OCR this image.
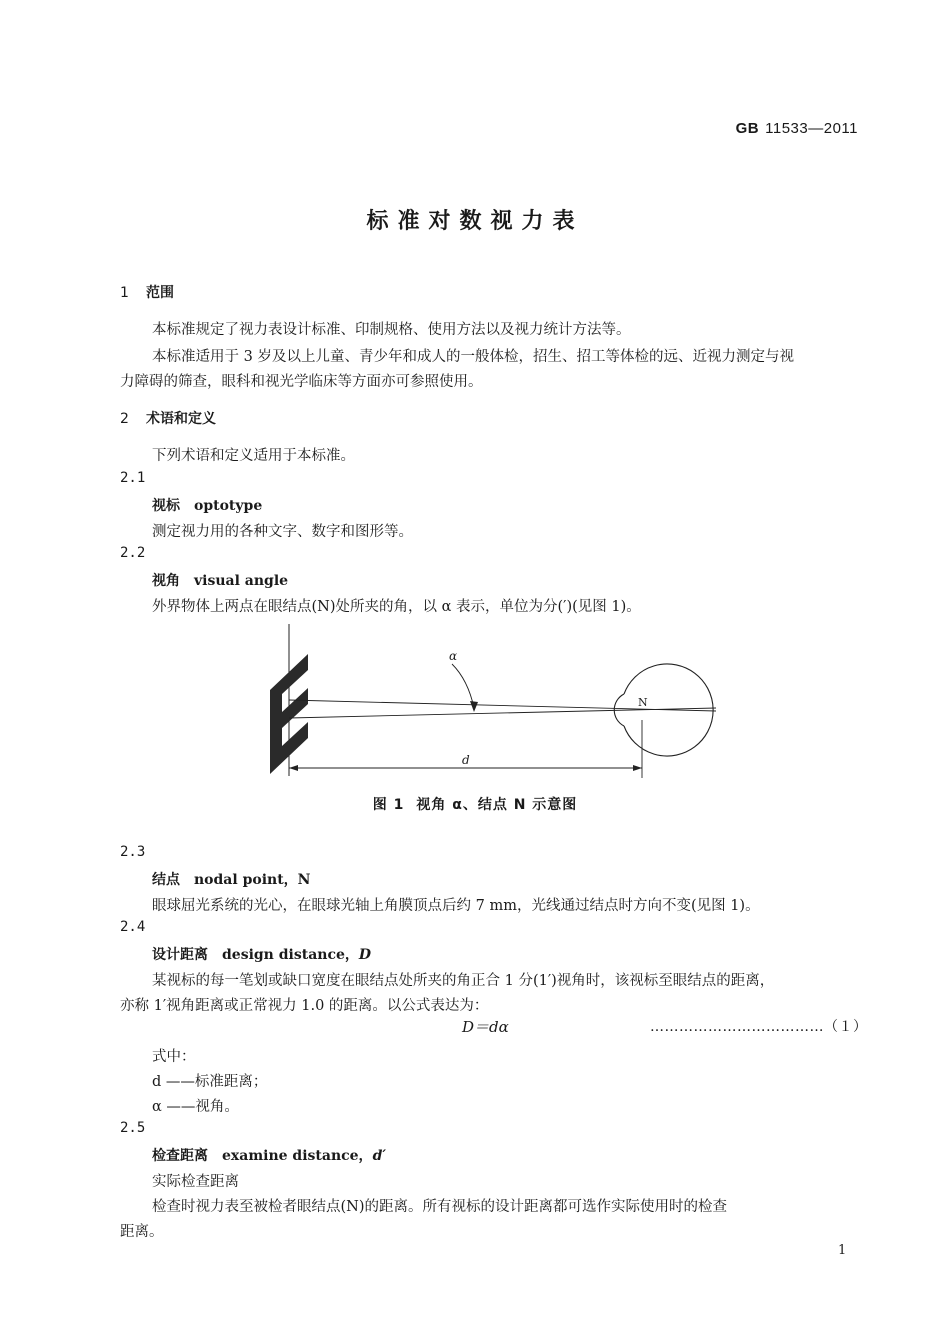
GB 11533—2011
标准对数视力表
1 范围
本标准规定了视力表设计标准、印制规格、使用方法以及视力统计方法等。
本标准适用于 3 岁及以上儿童、青少年和成人的一般体检，招生、招工等体检的远、近视力测定与视
力障碍的筛查，眼科和视光学临床等方面亦可参照使用。
2 术语和定义
下列术语和定义适用于本标准。
2.1
视标 optotype
测定视力用的各种文字、数字和图形等。
2.2
视角 visual angle
外界物体上两点在眼结点(N)处所夹的角，以 α 表示，单位为分(′)(见图 1)。
α
N
d
图 1 视角 α、结点 N 示意图
2.3
结点 nodal point，N
眼球屈光系统的光心，在眼球光轴上角膜顶点后约 7 mm，光线通过结点时方向不变(见图 1)。
2.4
设计距离 design distance，D
某视标的每一笔划或缺口宽度在眼结点处所夹的角正合 1 分(1′)视角时，该视标至眼结点的距离，
亦称 1′视角距离或正常视力 1.0 的距离。以公式表达为：
D＝dα	………………………………（１）
式中：
d ——标准距离；
α ——视角。
2.5
检查距离 examine distance，d′
实际检查距离
检查时视力表至被检者眼结点(N)的距离。所有视标的设计距离都可选作实际使用时的检查
距离。
1
